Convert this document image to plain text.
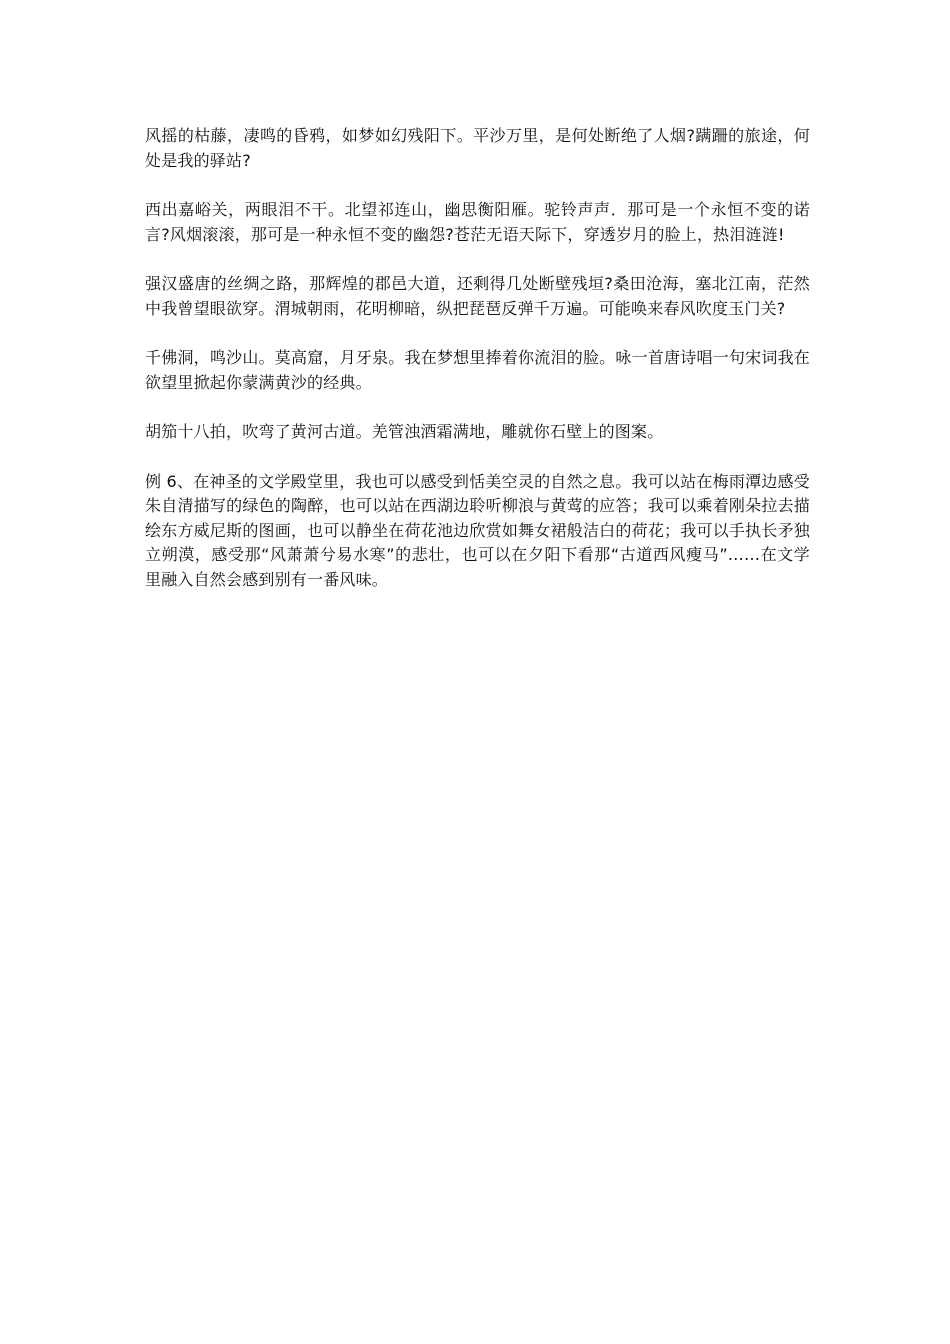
风摇的枯藤，凄鸣的昏鸦，如梦如幻残阳下。平沙万里，是何处断绝了人烟?蹒跚的旅途，何处是我的驿站?

西出嘉峪关，两眼泪不干。北望祁连山，幽思衡阳雁。驼铃声声．那可是一个永恒不变的诺言?风烟滚滚，那可是一种永恒不变的幽怨?苍茫无语天际下，穿透岁月的脸上，热泪涟涟!

强汉盛唐的丝绸之路，那辉煌的郡邑大道，还剩得几处断壁残垣?桑田沧海，塞北江南，茫然中我曾望眼欲穿。渭城朝雨，花明柳暗，纵把琵琶反弹千万遍。可能唤来春风吹度玉门关?

千佛洞，鸣沙山。莫高窟，月牙泉。我在梦想里捧着你流泪的脸。咏一首唐诗唱一句宋词我在欲望里掀起你蒙满黄沙的经典。

胡笳十八拍，吹弯了黄河古道。羌管浊酒霜满地，雕就你石壁上的图案。

例 6、在神圣的文学殿堂里，我也可以感受到恬美空灵的自然之息。我可以站在梅雨潭边感受朱自清描写的绿色的陶醉，也可以站在西湖边聆听柳浪与黄莺的应答；我可以乘着刚朵拉去描绘东方威尼斯的图画，也可以静坐在荷花池边欣赏如舞女裙般洁白的荷花；我可以手执长矛独立朔漠，感受那“风萧萧兮易水寒”的悲壮，也可以在夕阳下看那“古道西风瘦马”……在文学里融入自然会感到别有一番风味。
